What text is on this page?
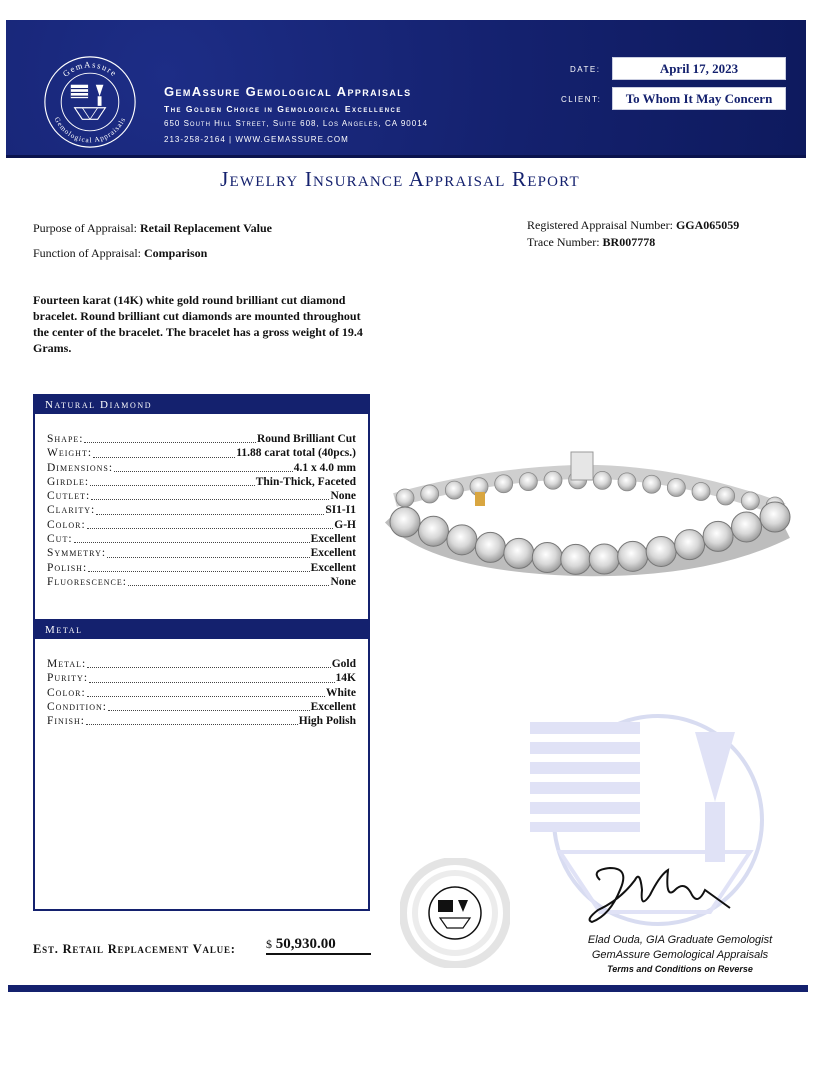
GemAssure
Gemological Appraisals
GemAssure Gemological Appraisals
The Golden Choice in Gemological Excellence
650 South Hill Street, Suite 608, Los Angeles, CA 90014
213-258-2164 | WWW.GEMASSURE.COM
DATE:	April 17, 2023
CLIENT:	To Whom It May Concern
Jewelry Insurance Appraisal Report
Purpose of Appraisal: Retail Replacement Value
Function of Appraisal: Comparison
Registered Appraisal Number: GGA065059
Trace Number: BR007778
Fourteen karat (14K) white gold round brilliant cut diamond bracelet. Round brilliant cut diamonds are mounted throughout the center of the bracelet. The bracelet has a gross weight of 19.4 Grams.
Natural Diamond
Shape:	Round Brilliant Cut
Weight:	11.88 carat total (40pcs.)
Dimensions:	4.1 x 4.0 mm
Girdle:	Thin-Thick, Faceted
Cutlet:	None
Clarity:	SI1-I1
Color:	G-H
Cut:	Excellent
Symmetry:	Excellent
Polish:	Excellent
Fluorescence:	None
Metal
Metal:	Gold
Purity:	14K
Color:	White
Condition:	Excellent
Finish:	High Polish
Elad Ouda, GIA Graduate Gemologist
GemAssure Gemological Appraisals
Terms and Conditions on Reverse
Est. Retail Replacement Value:	$ 50,930.00
